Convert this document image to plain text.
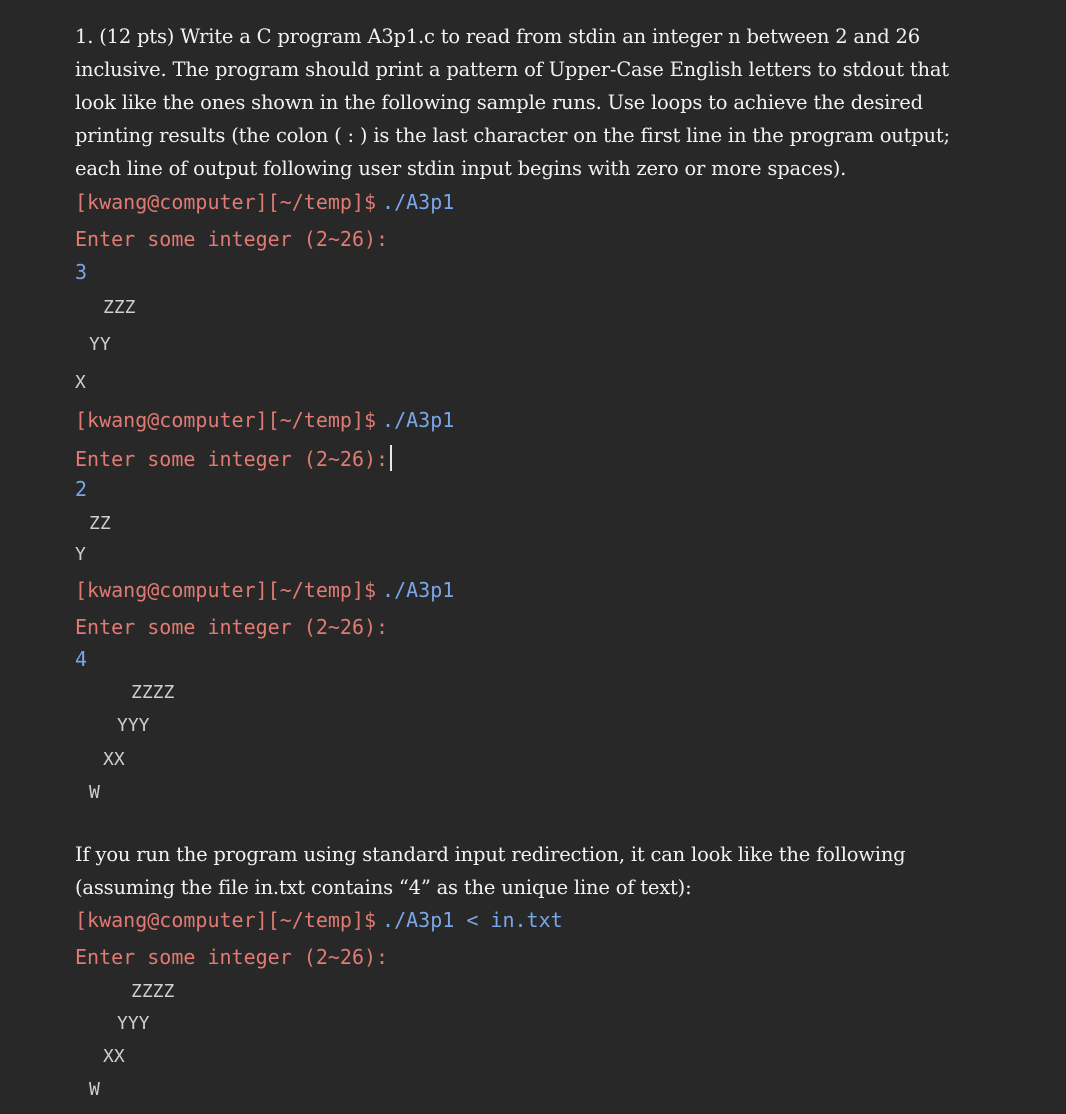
1. (12 pts) Write a C program A3p1.c to read from stdin an integer n between 2 and 26

inclusive. The program should print a pattern of Upper-Case English letters to stdout that

look like the ones shown in the following sample runs. Use loops to achieve the desired

printing results (the colon ( : ) is the last character on the first line in the program output;

each line of output following user stdin input begins with zero or more spaces).

[kwang@computer][~/temp]$ ./A3p1
Enter some integer (2~26):
3
ZZZ
YY
X
[kwang@computer][~/temp]$ ./A3p1
Enter some integer (2~26):
2
ZZ
Y
[kwang@computer][~/temp]$ ./A3p1
Enter some integer (2~26):
4
ZZZZ
YYY
XX
W

If you run the program using standard input redirection, it can look like the following

(assuming the file in.txt contains “4” as the unique line of text):

[kwang@computer][~/temp]$ ./A3p1 < in.txt
Enter some integer (2~26):
ZZZZ
YYY
XX
W
